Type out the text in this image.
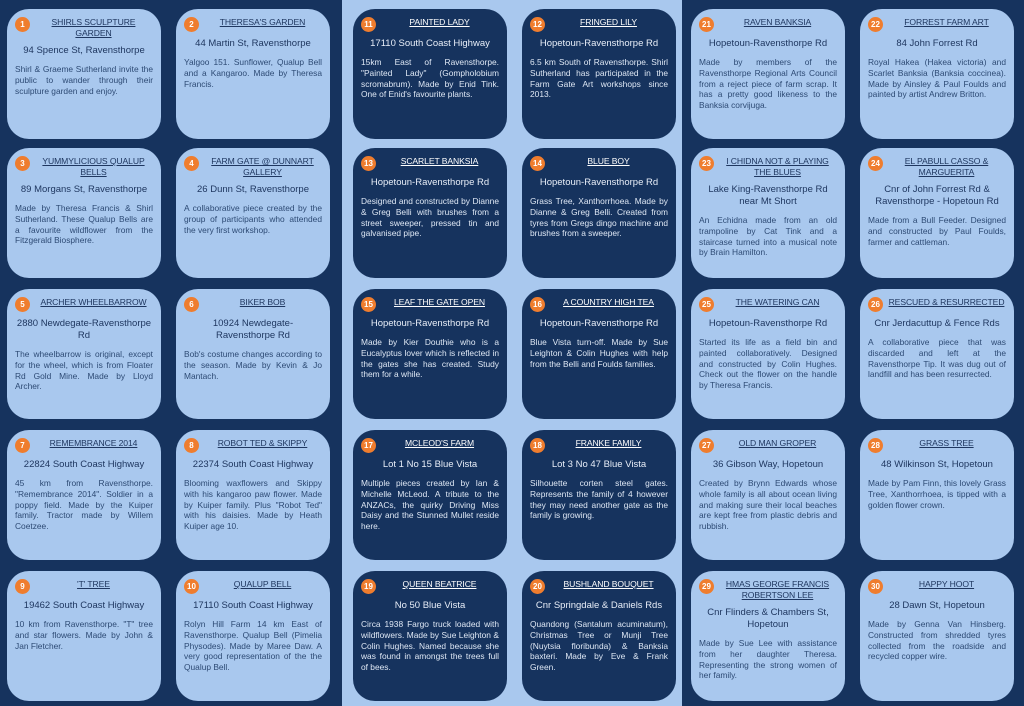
1	SHIRLS SCULPTURE GARDEN
94 Spence St, Ravensthorpe
Shirl & Graeme Sutherland invite the public to wander through their sculpture garden and enjoy.
2	THERESA'S GARDEN
44 Martin St, Ravensthorpe
Yalgoo 151. Sunflower, Qualup Bell and a Kangaroo. Made by Theresa Francis.
3	YUMMYLICIOUS QUALUP BELLS
89 Morgans St, Ravensthorpe
Made by Theresa Francis & Shirl Sutherland. These Qualup Bells are a favourite wildflower from the Fitzgerald Biosphere.
4	FARM GATE @ DUNNART GALLERY
26 Dunn St, Ravensthorpe
A collaborative piece created by the group of participants who attended the very first workshop.
5	ARCHER WHEELBARROW
2880 Newdegate-Ravensthorpe Rd
The wheelbarrow is original, except for the wheel, which is from Floater Rd Gold Mine. Made by Lloyd Archer.
6	BIKER BOB
10924 Newdegate-Ravensthorpe Rd
Bob's costume changes according to the season. Made by Kevin & Jo Mantach.
7	REMEMBRANCE 2014
22824 South Coast Highway
45 km from Ravensthorpe. "Remembrance 2014". Soldier in a poppy field. Made by the Kuiper family. Tractor made by Willem Coetzee.
8	ROBOT TED & SKIPPY
22374 South Coast Highway
Blooming waxflowers and Skippy with his kangaroo paw flower. Made by Kuiper family. Plus "Robot Ted" with his daisies. Made by Heath Kuiper age 10.
9	'T' TREE
19462 South Coast Highway
10 km from Ravensthorpe. "T" tree and star flowers. Made by John & Jan Fletcher.
10	QUALUP BELL
17110 South Coast Highway
Rolyn Hill Farm 14 km East of Ravensthorpe. Qualup Bell (Pimelia Physodes). Made by Maree Daw. A very good representation of the the Qualup Bell.
11	PAINTED LADY
17110 South Coast Highway
15km East of Ravensthorpe. "Painted Lady" (Gompholobium scromabrum). Made by Enid Tink. One of Enid's favourite plants.
12	FRINGED LILY
Hopetoun-Ravensthorpe Rd
6.5 km South of Ravensthorpe. Shirl Sutherland has participated in the Farm Gate Art workshops since 2013.
13	SCARLET BANKSIA
Hopetoun-Ravensthorpe Rd
Designed and constructed by Dianne & Greg Belli with brushes from a street sweeper, pressed tin and galvanised pipe.
14	BLUE BOY
Hopetoun-Ravensthorpe Rd
Grass Tree, Xanthorrhoea. Made by Dianne & Greg Belli. Created from tyres from Gregs dingo machine and brushes from a sweeper.
15	LEAF THE GATE OPEN
Hopetoun-Ravensthorpe Rd
Made by Kier Douthie who is a Eucalyptus lover which is reflected in the gates she has created. Study them for a while.
16	A COUNTRY HIGH TEA
Hopetoun-Ravensthorpe Rd
Blue Vista turn-off. Made by Sue Leighton & Colin Hughes with help from the Belli and Foulds families.
17	MCLEOD'S FARM
Lot 1 No 15 Blue Vista
Multiple pieces created by Ian & Michelle McLeod. A tribute to the ANZACs, the quirky Driving Miss Daisy and the Stunned Mullet reside here.
18	FRANKE FAMILY
Lot 3 No 47 Blue Vista
Silhouette corten steel gates. Represents the family of 4 however they may need another gate as the family is growing.
19	QUEEN BEATRICE
No 50 Blue Vista
Circa 1938 Fargo truck loaded with wildflowers. Made by Sue Leighton & Colin Hughes. Named because she was found in amongst the trees full of bees.
20	BUSHLAND BOUQUET
Cnr Springdale & Daniels Rds
Quandong (Santalum acuminatum), Christmas Tree or Munji Tree (Nuytsia floribunda) & Banksia baxteri. Made by Eve & Frank Green.
21	RAVEN BANKSIA
Hopetoun-Ravensthorpe Rd
Made by members of the Ravensthorpe Regional Arts Council from a reject piece of farm scrap. It has a pretty good likeness to the Banksia corvijuga.
22	FORREST FARM ART
84 John Forrest Rd
Royal Hakea (Hakea victoria) and Scarlet Banksia (Banksia coccinea). Made by Ainsley & Paul Foulds and painted by artist Andrew Britton.
23	I CHIDNA NOT & PLAYING THE BLUES
Lake King-Ravensthorpe Rd near Mt Short
An Echidna made from an old trampoline by Cat Tink and a staircase turned into a musical note by Brain Hamilton.
24	EL PABULL CASSO & MARGUERITA
Cnr of John Forrest Rd & Ravensthorpe - Hopetoun Rd
Made from a Bull Feeder. Designed and constructed by Paul Foulds, farmer and cattleman.
25	THE WATERING CAN
Hopetoun-Ravensthorpe Rd
Started its life as a field bin and painted collaboratively. Designed and constructed by Colin Hughes. Check out the flower on the handle by Theresa Francis.
26	RESCUED & RESURRECTED
Cnr Jerdacuttup & Fence Rds
A collaborative piece that was discarded and left at the Ravensthorpe Tip. It was dug out of landfill and has been resurrected.
27	OLD MAN GROPER
36 Gibson Way, Hopetoun
Created by Brynn Edwards whose whole family is all about ocean living and making sure their local beaches are kept free from plastic debris and rubbish.
28	GRASS TREE
48 Wilkinson St, Hopetoun
Made by Pam Finn, this lovely Grass Tree, Xanthorrhoea, is tipped with a golden flower crown.
29	HMAS GEORGE FRANCIS ROBERTSON LEE
Cnr Flinders & Chambers St, Hopetoun
Made by Sue Lee with assistance from her daughter Theresa. Representing the strong women of her family.
30	HAPPY HOOT
28 Dawn St, Hopetoun
Made by Genna Van Hinsberg. Constructed from shredded tyres collected from the roadside and recycled copper wire.
